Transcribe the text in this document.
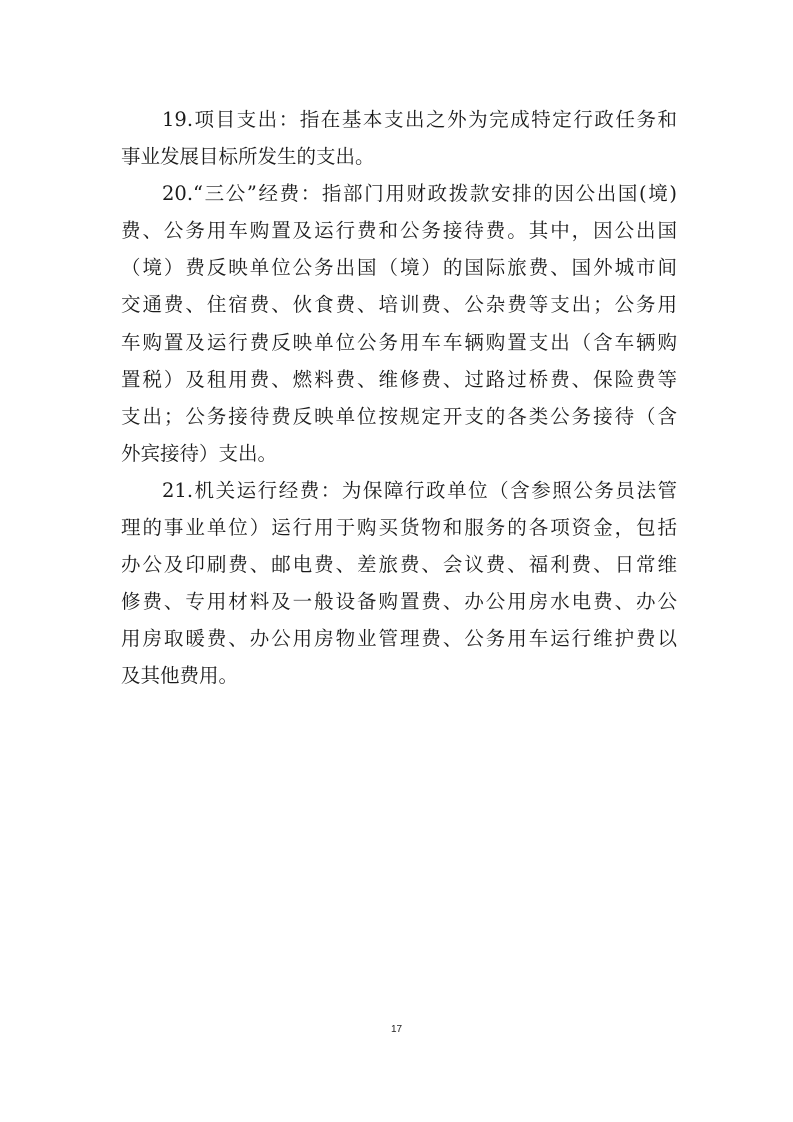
19.项目支出：指在基本支出之外为完成特定行政任务和
事业发展目标所发生的支出。
20.“三公”经费：指部门用财政拨款安排的因公出国(境)
费、公务用车购置及运行费和公务接待费。其中，因公出国
（境）费反映单位公务出国（境）的国际旅费、国外城市间
交通费、住宿费、伙食费、培训费、公杂费等支出；公务用
车购置及运行费反映单位公务用车车辆购置支出（含车辆购
置税）及租用费、燃料费、维修费、过路过桥费、保险费等
支出；公务接待费反映单位按规定开支的各类公务接待（含
外宾接待）支出。
21.机关运行经费：为保障行政单位（含参照公务员法管
理的事业单位）运行用于购买货物和服务的各项资金，包括
办公及印刷费、邮电费、差旅费、会议费、福利费、日常维
修费、专用材料及一般设备购置费、办公用房水电费、办公
用房取暖费、办公用房物业管理费、公务用车运行维护费以
及其他费用。
17
